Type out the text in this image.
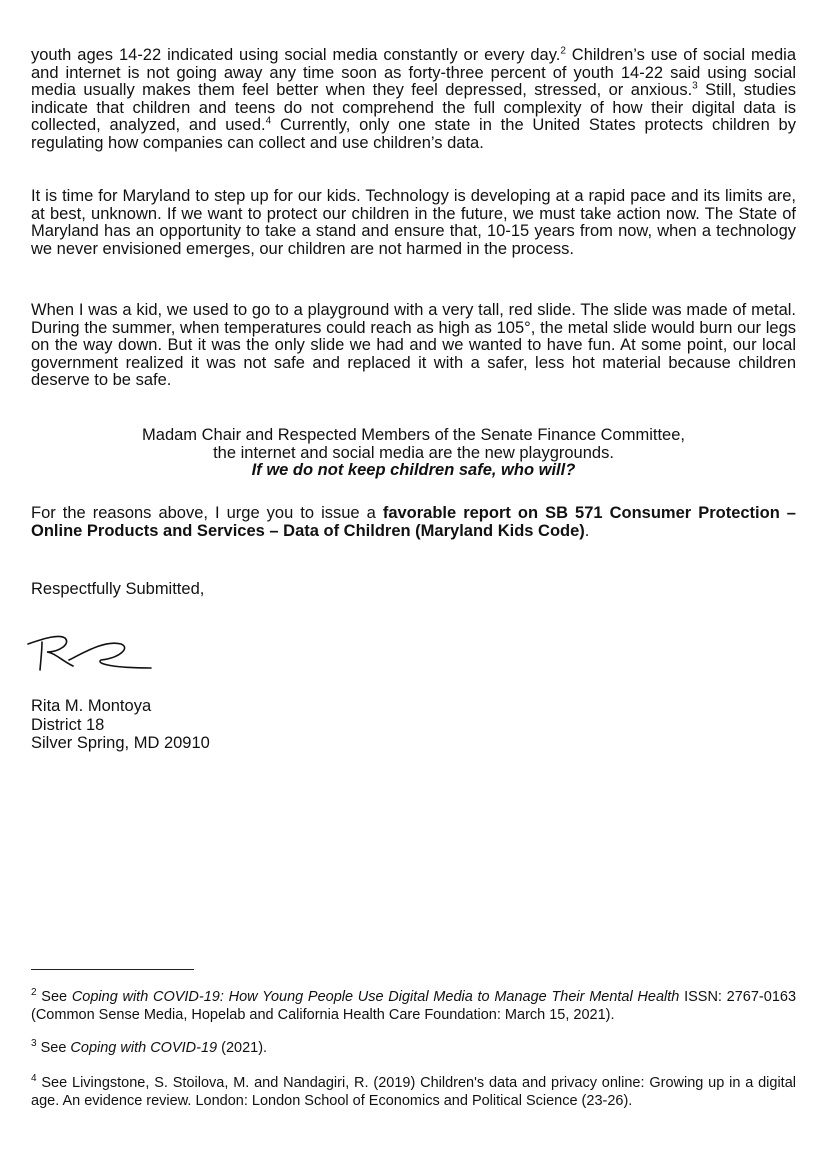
youth ages 14-22 indicated using social media constantly or every day.$^2$ Children’s use of social media and internet is not going away any time soon as forty-three percent of youth 14-22 said using social media usually makes them feel better when they feel depressed, stressed, or anxious.$^3$ Still, studies indicate that children and teens do not comprehend the full complexity of how their digital data is collected, analyzed, and used.$^4$ Currently, only one state in the United States protects children by regulating how companies can collect and use children’s data.

It is time for Maryland to step up for our kids. Technology is developing at a rapid pace and its limits are, at best, unknown. If we want to protect our children in the future, we must take action now. The State of Maryland has an opportunity to take a stand and ensure that, 10-15 years from now, when a technology we never envisioned emerges, our children are not harmed in the process.

When I was a kid, we used to go to a playground with a very tall, red slide. The slide was made of metal. During the summer, when temperatures could reach as high as 105°, the metal slide would burn our legs on the way down. But it was the only slide we had and we wanted to have fun. At some point, our local government realized it was not safe and replaced it with a safer, less hot material because children deserve to be safe.

Madam Chair and Respected Members of the Senate Finance Committee,
the internet and social media are the new playgrounds.
If we do not keep children safe, who will?

For the reasons above, I urge you to issue a favorable report on SB 571 Consumer Protection – Online Products and Services – Data of Children (Maryland Kids Code).

Respectfully Submitted,

Rita M. Montoya
District 18
Silver Spring, MD 20910

$^2$ See Coping with COVID-19: How Young People Use Digital Media to Manage Their Mental Health ISSN: 2767-0163 (Common Sense Media, Hopelab and California Health Care Foundation: March 15, 2021).

$^3$ See Coping with COVID-19 (2021).

$^4$ See Livingstone, S. Stoilova, M. and Nandagiri, R. (2019) Children's data and privacy online: Growing up in a digital age. An evidence review. London: London School of Economics and Political Science (23-26).
